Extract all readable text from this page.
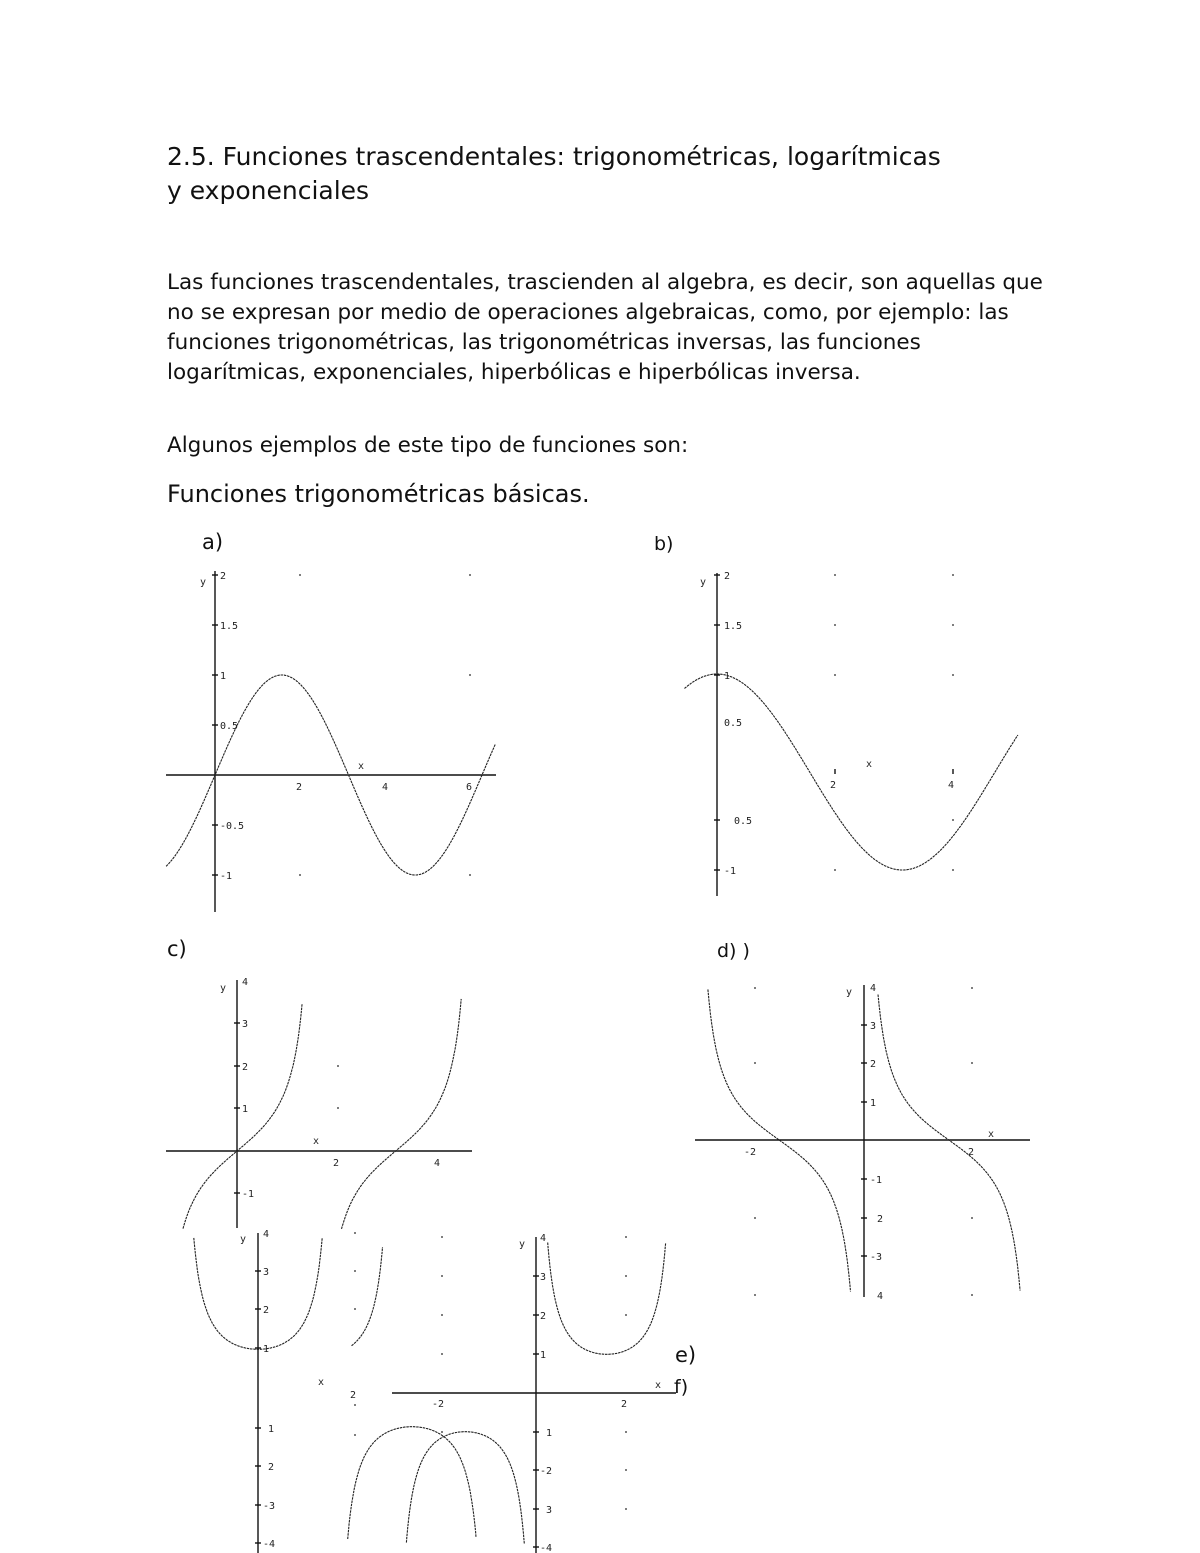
2.5. Funciones trascendentales: trigonométricas, logarítmicas
y exponenciales

Las funciones trascendentales, trascienden al algebra, es decir, son aquellas que no se expresan por medio de operaciones algebraicas, como, por ejemplo: las funciones trigonométricas, las trigonométricas inversas, las funciones logarítmicas, exponenciales, hiperbólicas e hiperbólicas inversa.

Algunos ejemplos de este tipo de funciones son:

Funciones trigonométricas básicas.

a)	b)
c)	d) )
e)
f)
y
x
2	4	6
2
1.5
1
0.5
-0.5
-1
y
x
2	4
2
1.5
1
0.5
0.5
-1
y
x
2	4
4
3
2
1
-1
y
x
-2	2
4
3
2
1
-1
2
-3
4
y
x
2
4
3
2
1
1
2
-3
-4
y
x
-2	2
4
3
2
1
1
-2
3
-4
